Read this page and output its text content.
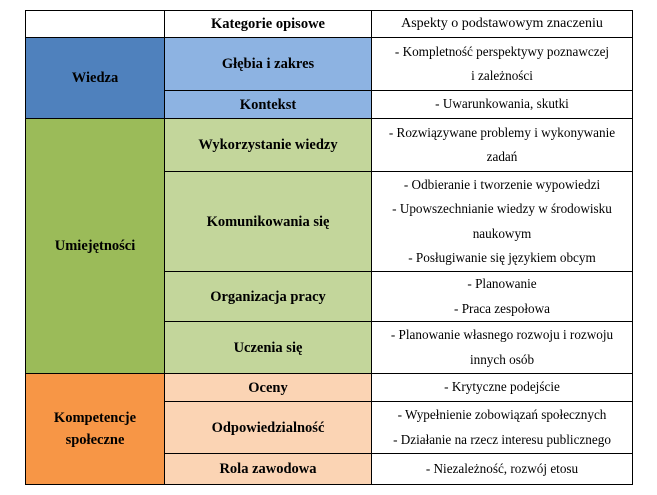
	Kategorie opisowe	Aspekty o podstawowym znaczeniu
Wiedza	Głębia i zakres	- Kompletność perspektywy poznawczej
i zależności

	Kontekst	- Uwarunkowania, skutki

Umiejętności	Wykorzystanie wiedzy	- Rozwiązywane problemy i wykonywanie
zadań

	Komunikowania się	- Odbieranie i tworzenie wypowiedzi
- Upowszechnianie wiedzy w środowisku
naukowym
- Posługiwanie się językiem obcym

	Organizacja pracy	- Planowanie
- Praca zespołowa

	Uczenia się	- Planowanie własnego rozwoju i rozwoju
innych osób

Kompetencje
społeczne	Oceny	- Krytyczne podejście

	Odpowiedzialność	- Wypełnienie zobowiązań społecznych
- Działanie na rzecz interesu publicznego

	Rola zawodowa	- Niezależność, rozwój etosu
